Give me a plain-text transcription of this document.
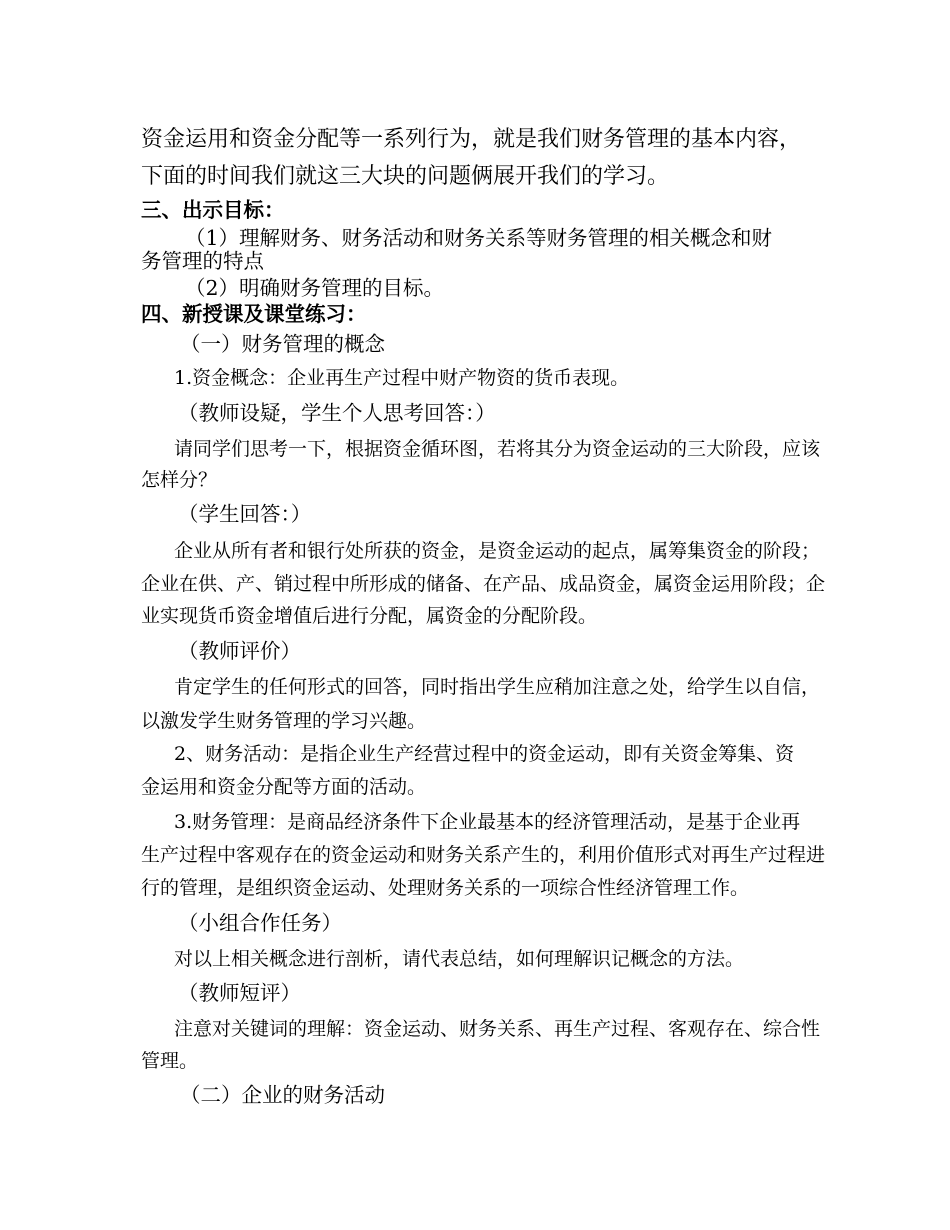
资金运用和资金分配等一系列行为，就是我们财务管理的基本内容，
下面的时间我们就这三大块的问题俩展开我们的学习。
三、出示目标：
（1）理解财务、财务活动和财务关系等财务管理的相关概念和财
务管理的特点
（2）明确财务管理的目标。
四、新授课及课堂练习：
（一）财务管理的概念
1.资金概念：企业再生产过程中财产物资的货币表现。
（教师设疑，学生个人思考回答：）
请同学们思考一下，根据资金循环图，若将其分为资金运动的三大阶段，应该
怎样分？
（学生回答：）
企业从所有者和银行处所获的资金，是资金运动的起点，属筹集资金的阶段；
企业在供、产、销过程中所形成的储备、在产品、成品资金，属资金运用阶段；企
业实现货币资金增值后进行分配，属资金的分配阶段。
（教师评价）
肯定学生的任何形式的回答，同时指出学生应稍加注意之处，给学生以自信，
以激发学生财务管理的学习兴趣。
2、财务活动：是指企业生产经营过程中的资金运动，即有关资金筹集、资
金运用和资金分配等方面的活动。
3.财务管理：是商品经济条件下企业最基本的经济管理活动，是基于企业再
生产过程中客观存在的资金运动和财务关系产生的，利用价值形式对再生产过程进
行的管理，是组织资金运动、处理财务关系的一项综合性经济管理工作。
（小组合作任务）
对以上相关概念进行剖析，请代表总结，如何理解识记概念的方法。
（教师短评）
注意对关键词的理解：资金运动、财务关系、再生产过程、客观存在、综合性
管理。
（二）企业的财务活动
